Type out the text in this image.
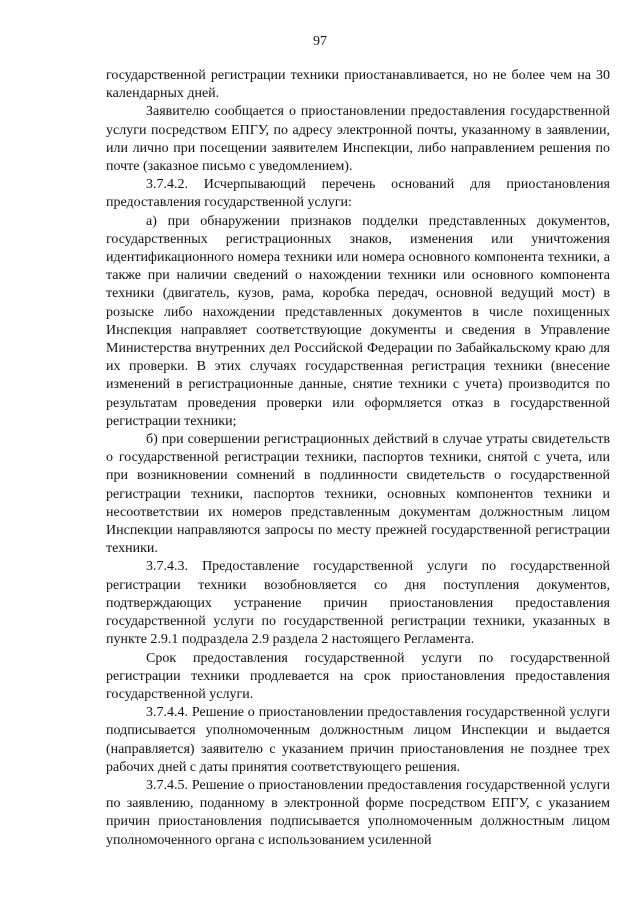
97

государственной регистрации техники приостанавливается, но не более чем на 30 календарных дней.

Заявителю сообщается о приостановлении предоставления государственной услуги посредством ЕПГУ, по адресу электронной почты, указанному в заявлении, или лично при посещении заявителем Инспекции, либо направлением решения по почте (заказное письмо с уведомлением).

3.7.4.2. Исчерпывающий перечень оснований для приостановления предоставления государственной услуги:

а) при обнаружении признаков подделки представленных документов, государственных регистрационных знаков, изменения или уничтожения идентификационного номера техники или номера основного компонента техники, а также при наличии сведений о нахождении техники или основного компонента техники (двигатель, кузов, рама, коробка передач, основной ведущий мост) в розыске либо нахождении представленных документов в числе похищенных Инспекция направляет соответствующие документы и сведения в Управление Министерства внутренних дел Российской Федерации по Забайкальскому краю для их проверки. В этих случаях государственная регистрация техники (внесение изменений в регистрационные данные, снятие техники с учета) производится по результатам проведения проверки или оформляется отказ в государственной регистрации техники;

б) при совершении регистрационных действий в случае утраты свидетельств о государственной регистрации техники, паспортов техники, снятой с учета, или при возникновении сомнений в подлинности свидетельств о государственной регистрации техники, паспортов техники, основных компонентов техники и несоответствии их номеров представленным документам должностным лицом Инспекции направляются запросы по месту прежней государственной регистрации техники.

3.7.4.3. Предоставление государственной услуги по государственной регистрации техники возобновляется со дня поступления документов, подтверждающих устранение причин приостановления предоставления государственной услуги по государственной регистрации техники, указанных в пункте 2.9.1 подраздела 2.9 раздела 2 настоящего Регламента.

Срок предоставления государственной услуги по государственной регистрации техники продлевается на срок приостановления предоставления государственной услуги.

3.7.4.4. Решение о приостановлении предоставления государственной услуги подписывается уполномоченным должностным лицом Инспекции и выдается (направляется) заявителю с указанием причин приостановления не позднее трех рабочих дней с даты принятия соответствующего решения.

3.7.4.5. Решение о приостановлении предоставления государственной услуги по заявлению, поданному в электронной форме посредством ЕПГУ, с указанием причин приостановления подписывается уполномоченным должностным лицом уполномоченного органа с использованием усиленной
